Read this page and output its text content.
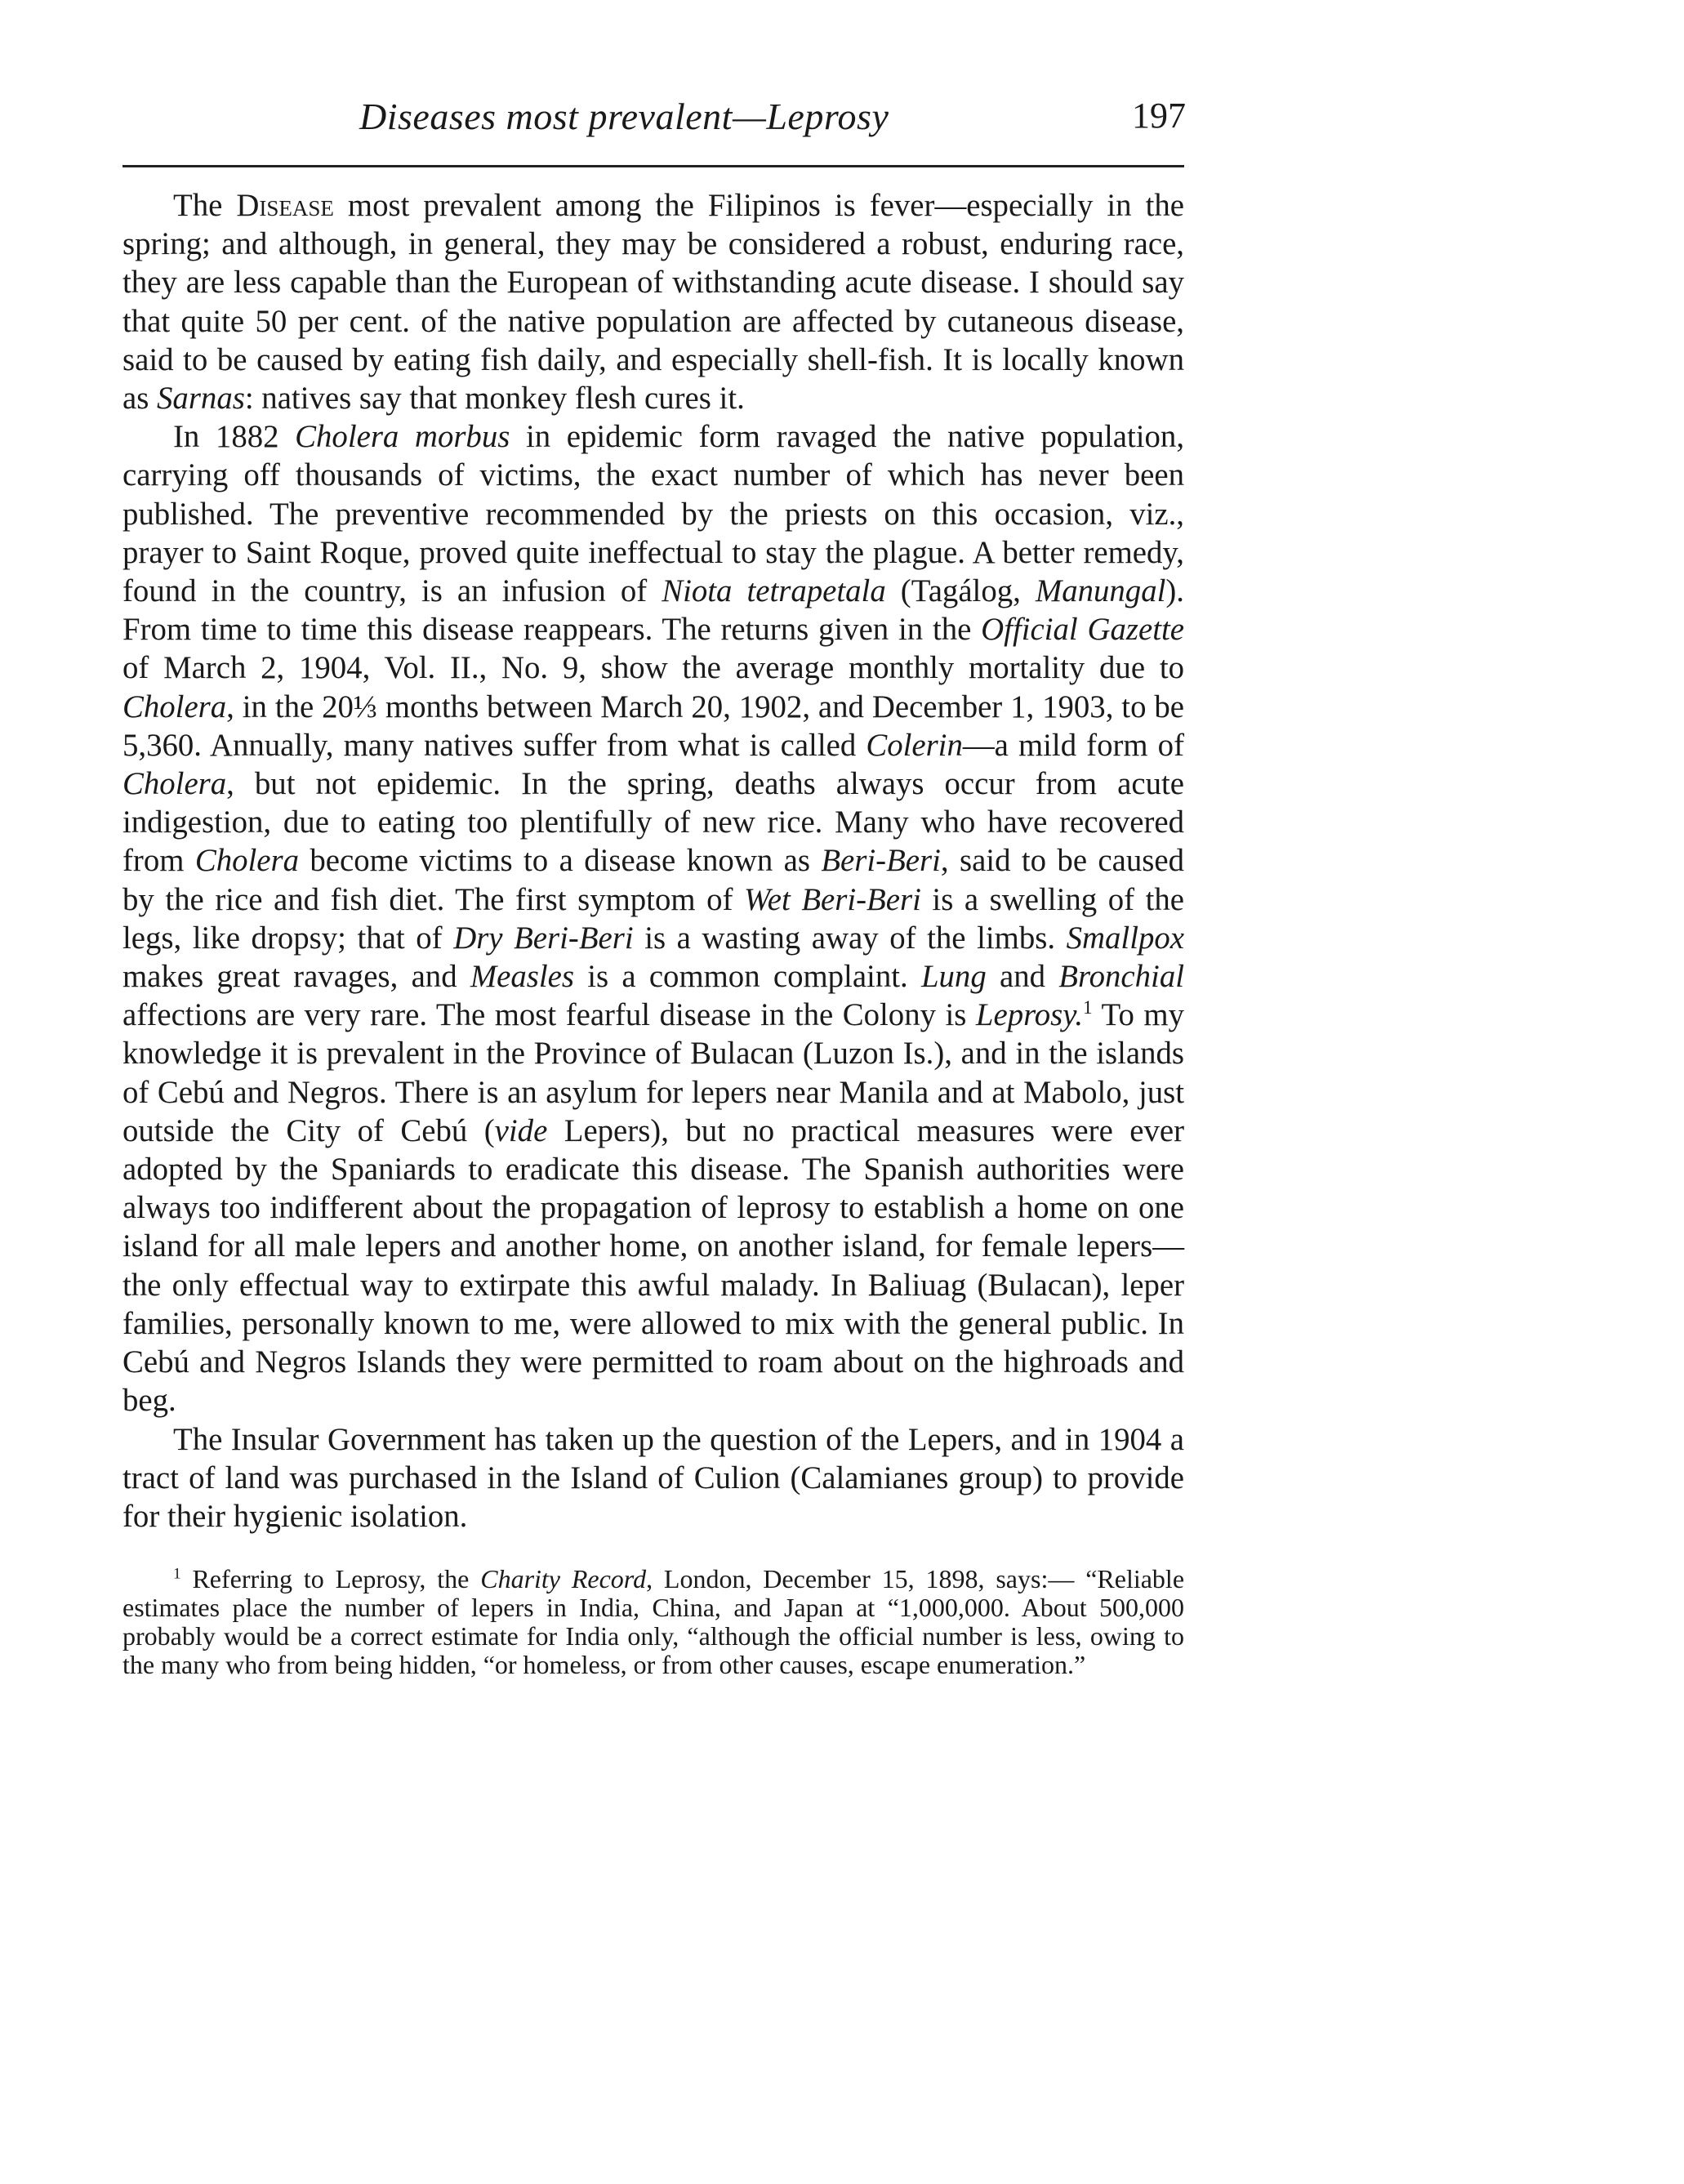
Diseases most prevalent—Leprosy	197

The Disease most prevalent among the Filipinos is fever—especially in the spring; and although, in general, they may be considered a robust, enduring race, they are less capable than the European of withstanding acute disease. I should say that quite 50 per cent. of the native population are affected by cutaneous disease, said to be caused by eating fish daily, and especially shell-fish. It is locally known as Sarnas: natives say that monkey flesh cures it.

In 1882 Cholera morbus in epidemic form ravaged the native population, carrying off thousands of victims, the exact number of which has never been published. The preventive recommended by the priests on this occasion, viz., prayer to Saint Roque, proved quite ineffectual to stay the plague. A better remedy, found in the country, is an infusion of Niota tetrapetala (Tagálog, Manungal). From time to time this disease reappears. The returns given in the Official Gazette of March 2, 1904, Vol. II., No. 9, show the average monthly mortality due to Cholera, in the 20⅓ months between March 20, 1902, and December 1, 1903, to be 5,360. Annually, many natives suffer from what is called Colerin—a mild form of Cholera, but not epidemic. In the spring, deaths always occur from acute indigestion, due to eating too plentifully of new rice. Many who have recovered from Cholera become victims to a disease known as Beri-Beri, said to be caused by the rice and fish diet. The first symptom of Wet Beri-Beri is a swelling of the legs, like dropsy; that of Dry Beri-Beri is a wasting away of the limbs. Smallpox makes great ravages, and Measles is a common complaint. Lung and Bronchial affections are very rare. The most fearful disease in the Colony is Leprosy.$^1$ To my knowledge it is prevalent in the Province of Bulacan (Luzon Is.), and in the islands of Cebú and Negros. There is an asylum for lepers near Manila and at Mabolo, just outside the City of Cebú (vide Lepers), but no practical measures were ever adopted by the Spaniards to eradicate this disease. The Spanish authorities were always too indifferent about the propagation of leprosy to establish a home on one island for all male lepers and another home, on another island, for female lepers—the only effectual way to extirpate this awful malady. In Baliuag (Bulacan), leper families, personally known to me, were allowed to mix with the general public. In Cebú and Negros Islands they were permitted to roam about on the highroads and beg.

The Insular Government has taken up the question of the Lepers, and in 1904 a tract of land was purchased in the Island of Culion (Calamianes group) to provide for their hygienic isolation.

$^1$ Referring to Leprosy, the Charity Record, London, December 15, 1898, says:— “Reliable estimates place the number of lepers in India, China, and Japan at “1,000,000. About 500,000 probably would be a correct estimate for India only, “although the official number is less, owing to the many who from being hidden, “or homeless, or from other causes, escape enumeration.”
